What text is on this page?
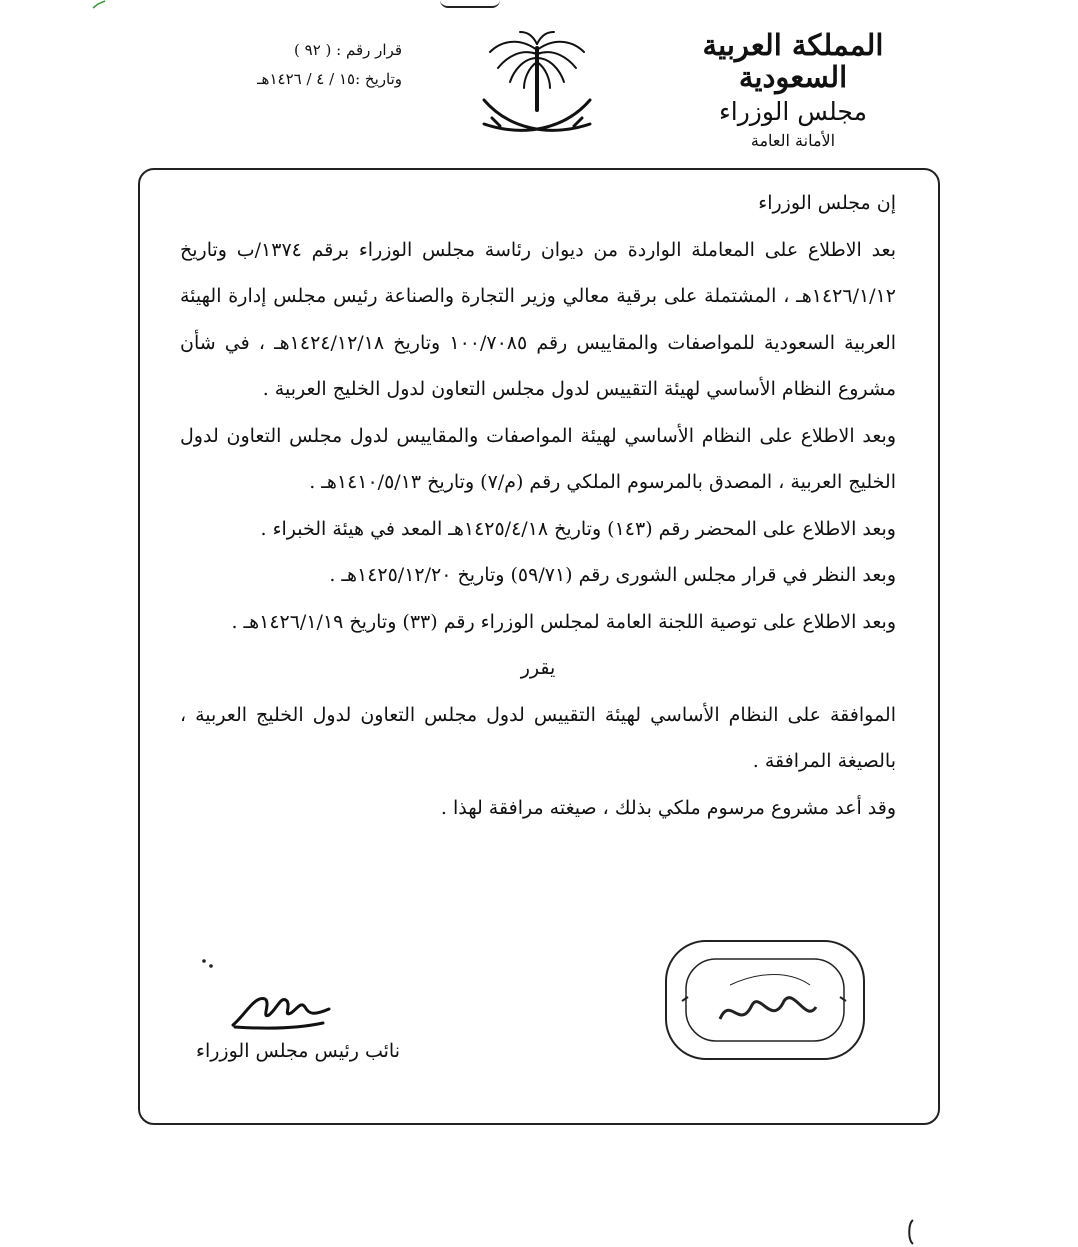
المملكة العربية السعودية
مجلس الوزراء
الأمانة العامة
قرار رقم : ( ٩٢ )
وتاريخ :١٥ / ٤ / ١٤٢٦هـ

إن مجلس الوزراء

بعد الاطلاع على المعاملة الواردة من ديوان رئاسة مجلس الوزراء برقم ١٣٧٤/ب وتاريخ ١٤٢٦/١/١٢هـ ، المشتملة على برقية معالي وزير التجارة والصناعة رئيس مجلس إدارة الهيئة العربية السعودية للمواصفات والمقاييس رقم ١٠٠/٧٠٨٥ وتاريخ ١٤٢٤/١٢/١٨هـ ، في شأن مشروع النظام الأساسي لهيئة التقييس لدول مجلس التعاون لدول الخليج العربية .

وبعد الاطلاع على النظام الأساسي لهيئة المواصفات والمقاييس لدول مجلس التعاون لدول الخليج العربية ، المصدق بالمرسوم الملكي رقم (م/٧) وتاريخ ١٤١٠/٥/١٣هـ .

وبعد الاطلاع على المحضر رقم (١٤٣) وتاريخ ١٤٢٥/٤/١٨هـ المعد في هيئة الخبراء .

وبعد النظر في قرار مجلس الشورى رقم (٥٩/٧١) وتاريخ ١٤٢٥/١٢/٢٠هـ .

وبعد الاطلاع على توصية اللجنة العامة لمجلس الوزراء رقم (٣٣) وتاريخ ١٤٢٦/١/١٩هـ .

يقرر

الموافقة على النظام الأساسي لهيئة التقييس لدول مجلس التعاون لدول الخليج العربية ، بالصيغة المرافقة .

وقد أعد مشروع مرسوم ملكي بذلك ، صيغته مرافقة لهذا .

نائب رئيس مجلس الوزراء
